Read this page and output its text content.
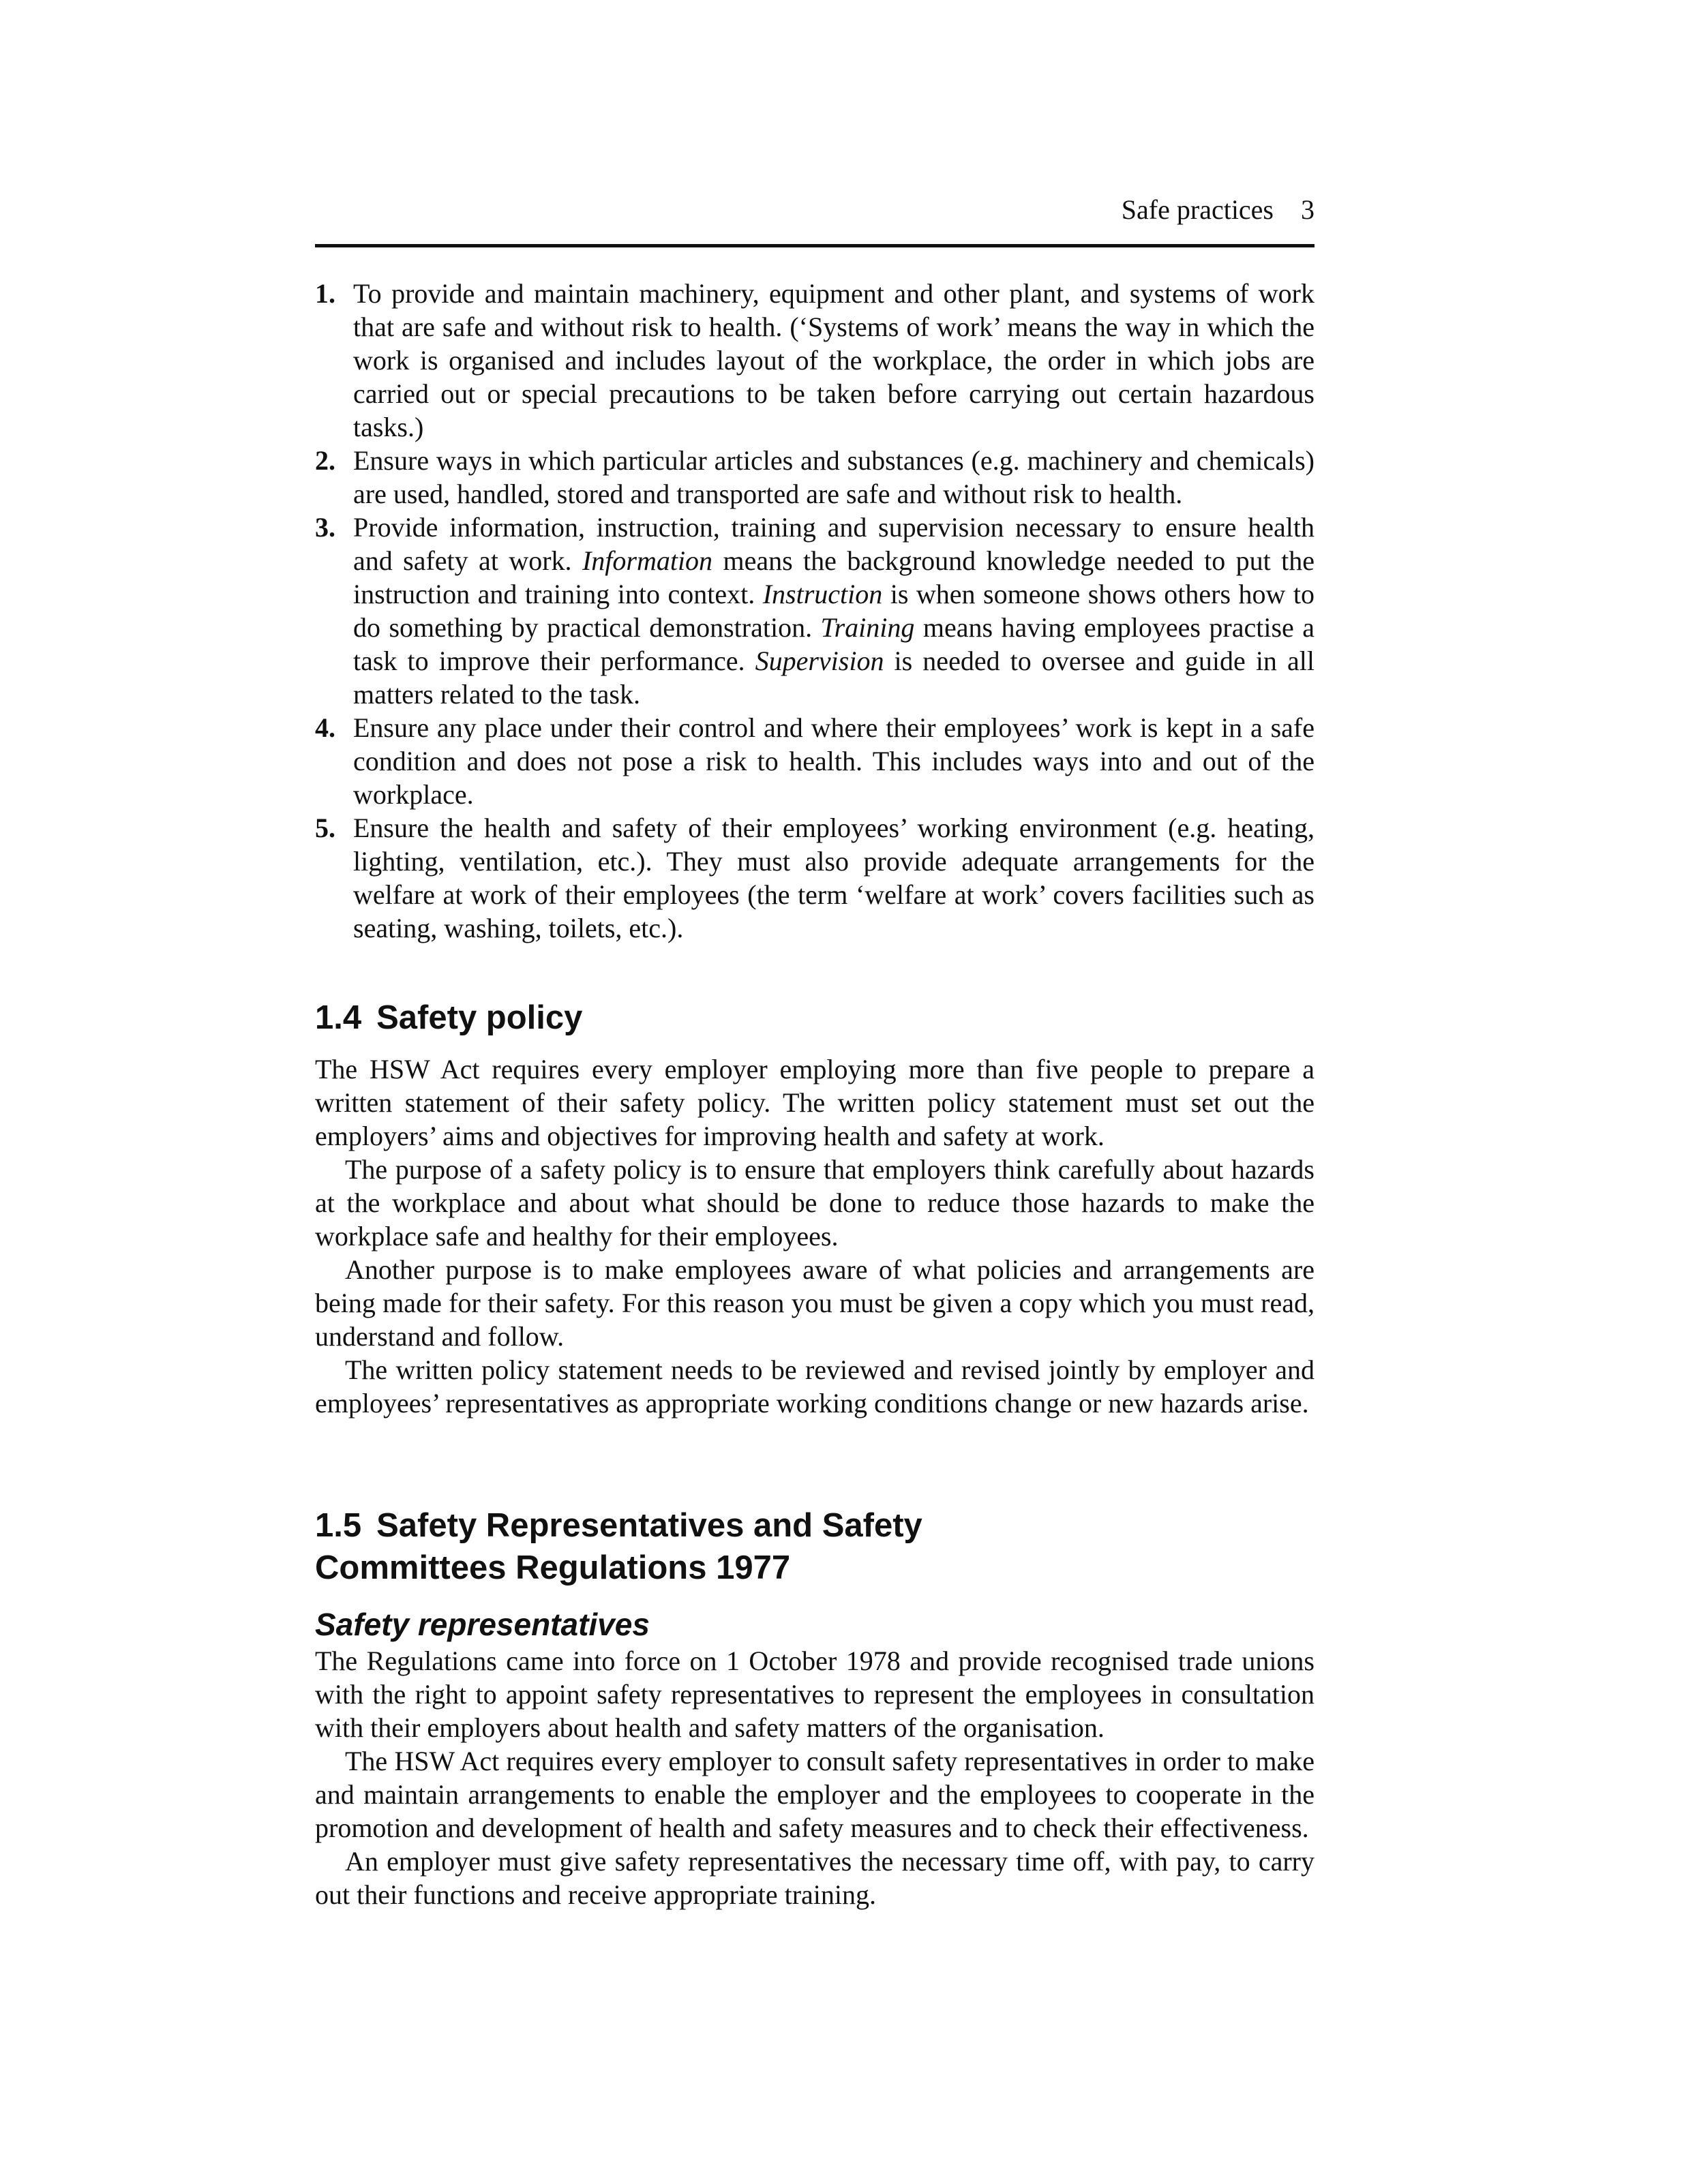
Safe practices 3
1. To provide and maintain machinery, equipment and other plant, and systems of work that are safe and without risk to health. (‘Systems of work’ means the way in which the work is organised and includes layout of the workplace, the order in which jobs are carried out or special precautions to be taken before carrying out certain hazardous tasks.)
2. Ensure ways in which particular articles and substances (e.g. machinery and chemicals) are used, handled, stored and transported are safe and without risk to health.
3. Provide information, instruction, training and supervision necessary to ensure health and safety at work. Information means the background knowledge needed to put the instruction and training into context. Instruction is when someone shows others how to do something by practical demonstration. Training means having employees practise a task to improve their performance. Supervision is needed to oversee and guide in all matters related to the task.
4. Ensure any place under their control and where their employees’ work is kept in a safe condition and does not pose a risk to health. This includes ways into and out of the workplace.
5. Ensure the health and safety of their employees’ working environment (e.g. heating, lighting, ventilation, etc.). They must also provide adequate arrangements for the welfare at work of their employees (the term ‘welfare at work’ covers facilities such as seating, washing, toilets, etc.).
1.4 Safety policy

The HSW Act requires every employer employing more than five people to prepare a written statement of their safety policy. The written policy statement must set out the employers’ aims and objectives for improving health and safety at work.

The purpose of a safety policy is to ensure that employers think carefully about hazards at the workplace and about what should be done to reduce those hazards to make the workplace safe and healthy for their employees.

Another purpose is to make employees aware of what policies and arrangements are being made for their safety. For this reason you must be given a copy which you must read, understand and follow.

The written policy statement needs to be reviewed and revised jointly by employer and employees’ representatives as appropriate working conditions change or new hazards arise.

1.5 Safety Representatives and Safety
Committees Regulations 1977
Safety representatives

The Regulations came into force on 1 October 1978 and provide recognised trade unions with the right to appoint safety representatives to represent the employees in consultation with their employers about health and safety matters of the organisation.

The HSW Act requires every employer to consult safety representatives in order to make and maintain arrangements to enable the employer and the employees to cooperate in the promotion and development of health and safety measures and to check their effectiveness.

An employer must give safety representatives the necessary time off, with pay, to carry out their functions and receive appropriate training.
